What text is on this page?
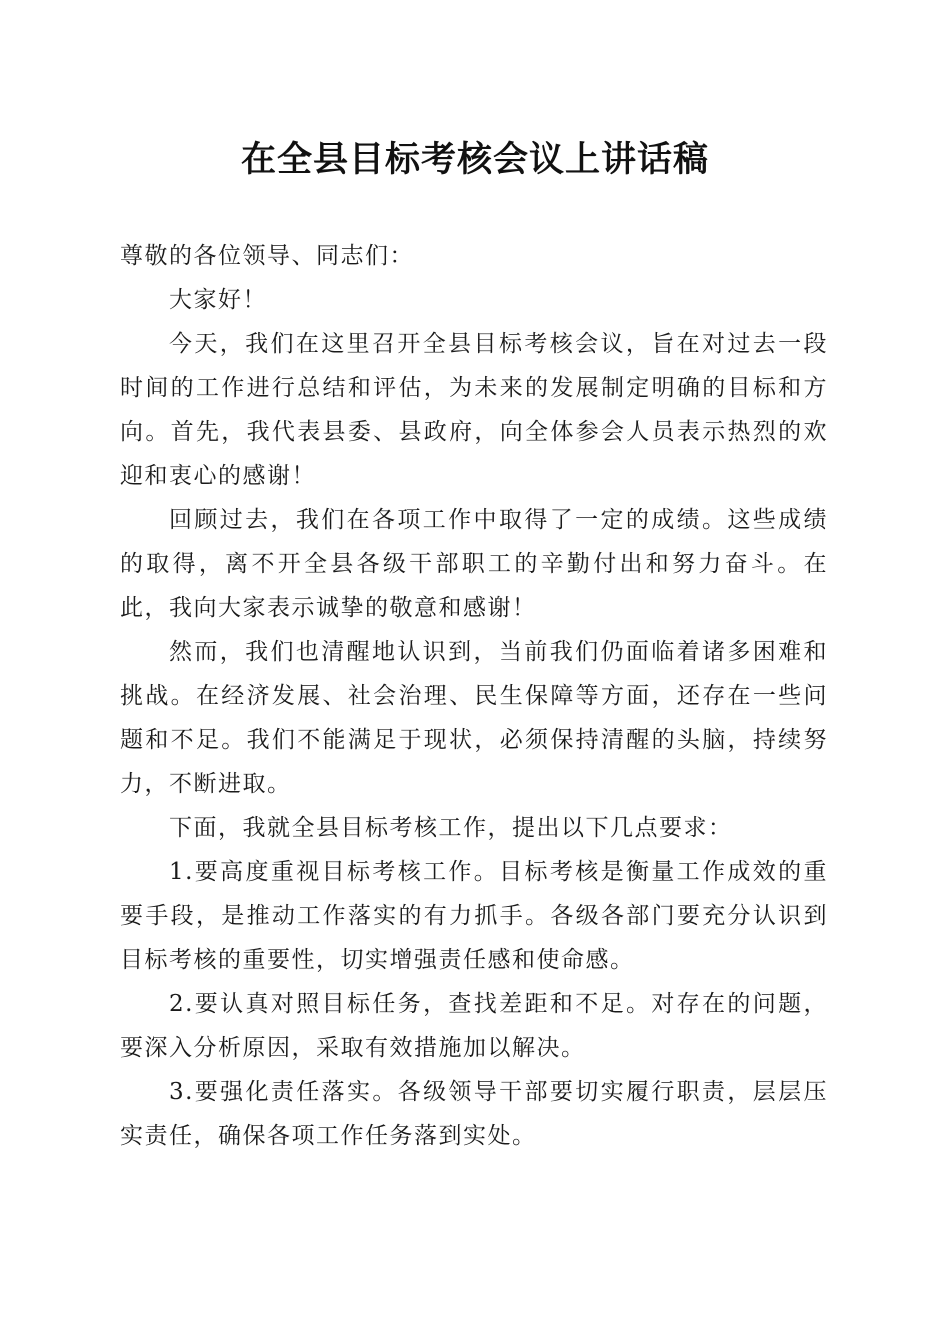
在全县目标考核会议上讲话稿

尊敬的各位领导、同志们：

大家好！

今天，我们在这里召开全县目标考核会议，旨在对过去一段时间的工作进行总结和评估，为未来的发展制定明确的目标和方向。首先，我代表县委、县政府，向全体参会人员表示热烈的欢迎和衷心的感谢！

回顾过去，我们在各项工作中取得了一定的成绩。这些成绩的取得，离不开全县各级干部职工的辛勤付出和努力奋斗。在此，我向大家表示诚挚的敬意和感谢！

然而，我们也清醒地认识到，当前我们仍面临着诸多困难和挑战。在经济发展、社会治理、民生保障等方面，还存在一些问题和不足。我们不能满足于现状，必须保持清醒的头脑，持续努力，不断进取。

下面，我就全县目标考核工作，提出以下几点要求：

1.要高度重视目标考核工作。目标考核是衡量工作成效的重要手段，是推动工作落实的有力抓手。各级各部门要充分认识到目标考核的重要性，切实增强责任感和使命感。

2.要认真对照目标任务，查找差距和不足。对存在的问题，要深入分析原因，采取有效措施加以解决。

3.要强化责任落实。各级领导干部要切实履行职责，层层压实责任，确保各项工作任务落到实处。
